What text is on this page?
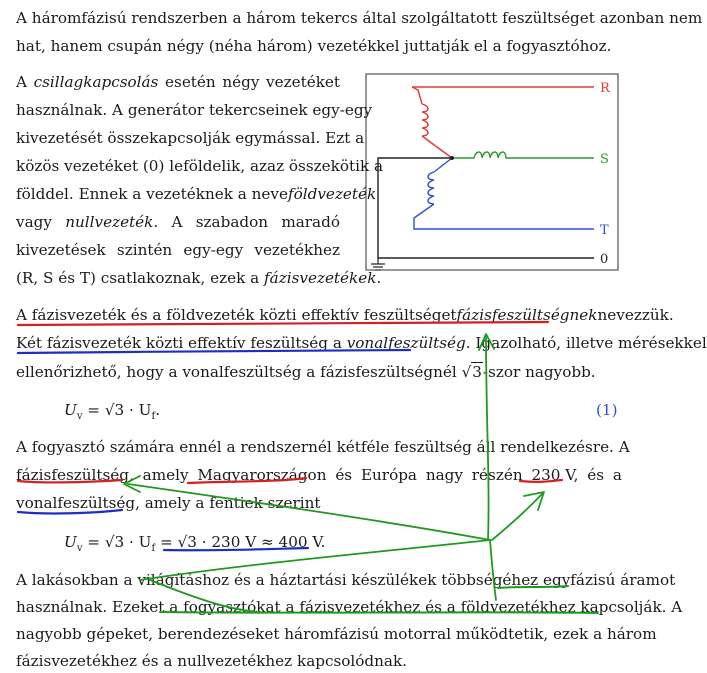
A háromfázisú rendszerben a három tekercs által szolgáltatott feszültséget azonban nem
hat, hanem csupán négy (néha három) vezetékkel juttatják el a fogyasztóhoz.
A csillagkapcsolás esetén négy vezetéket
használnak. A generátor tekercseinek egy-egy
kivezetését összekapcsolják egymással. Ezt a
közös vezetéket (0) leföldelik, azaz összekötik a
földdel. Ennek a vezetéknek a neve földvezeték
vagy nullvezeték. A szabadon maradó
kivezetések szintén egy-egy vezetékhez
(R, S és T) csatlakoznak, ezek a fázisvezetékek.
R
S
T
0
A fázisvezeték és a földvezeték közti effektív feszültséget fázisfeszültségnek nevezzük.
Két fázisvezeték közti effektív feszültség a vonalfeszültség. Igazolható, illetve mérésekkel
ellenőrizhető, hogy a vonalfeszültség a fázisfeszültségnél √3-szor nagyobb.
$U_v = √3 \cdot U_f$.	(1)
A fogyasztó számára ennél a rendszernél kétféle feszültség áll rendelkezésre. A
fázisfeszültség, amely Magyarországon és Európa nagy részén 230 V, és a
vonalfeszültség, amely a fentiek szerint
$U_v = √3 \cdot U_f = √3 \cdot 230$ V ≈ 400 V.
A lakásokban a világításhoz és a háztartási készülékek többségéhez egyfázisú áramot
használnak. Ezeket a fogyasztókat a fázisvezetékhez és a földvezetékhez kapcsolják. A
nagyobb gépeket, berendezéseket háromfázisú motorral működtetik, ezek a három
fázisvezetékhez és a nullvezetékhez kapcsolódnak.
